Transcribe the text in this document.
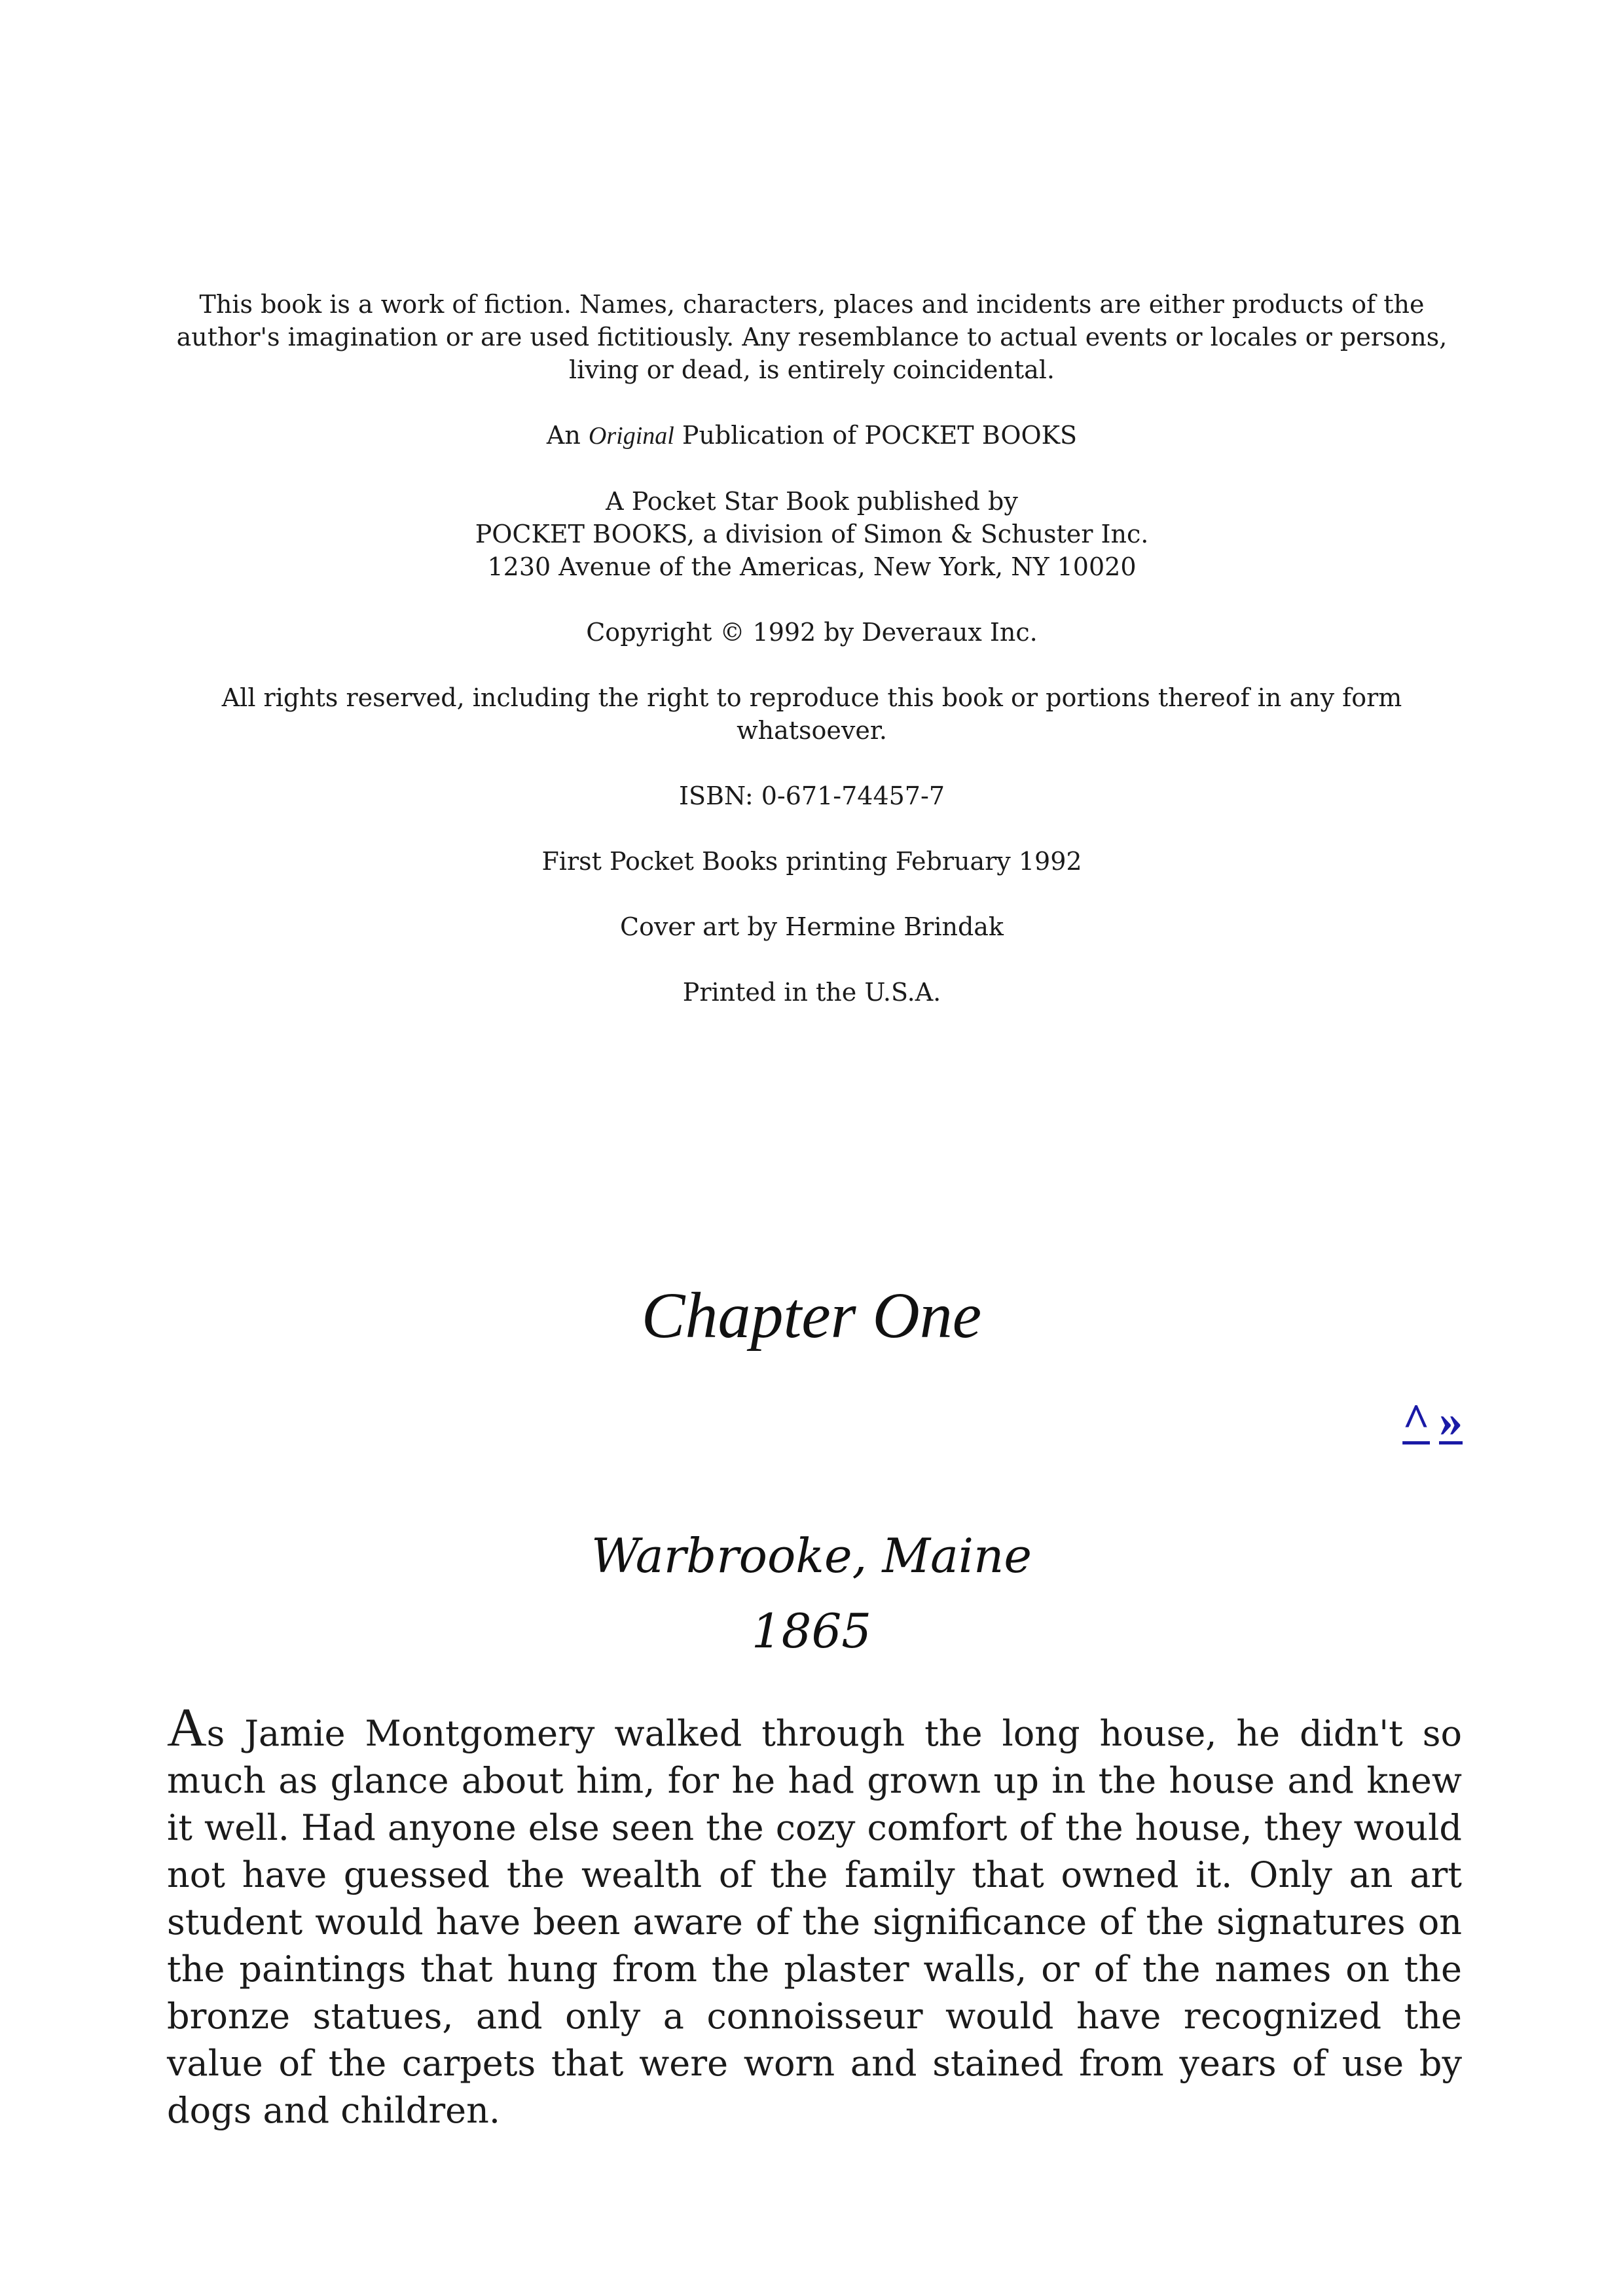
This book is a work of fiction. Names, characters, places and incidents are either products of the author's imagination or are used fictitiously. Any resemblance to actual events or locales or persons, living or dead, is entirely coincidental.

An Original Publication of POCKET BOOKS

A Pocket Star Book published by
POCKET BOOKS, a division of Simon & Schuster Inc.
1230 Avenue of the Americas, New York, NY 10020

Copyright © 1992 by Deveraux Inc.

All rights reserved, including the right to reproduce this book or portions thereof in any form whatsoever.

ISBN: 0-671-74457-7

First Pocket Books printing February 1992

Cover art by Hermine Brindak

Printed in the U.S.A.

Chapter One
^ »
Warbrooke, Maine
1865

As Jamie Montgomery walked through the long house, he didn't so much as glance about him, for he had grown up in the house and knew it well. Had anyone else seen the cozy comfort of the house, they would not have guessed the wealth of the family that owned it. Only an art student would have been aware of the significance of the signatures on the paintings that hung from the plaster walls, or of the names on the bronze statues, and only a connoisseur would have recognized the value of the carpets that were worn and stained from years of use by dogs and children.
